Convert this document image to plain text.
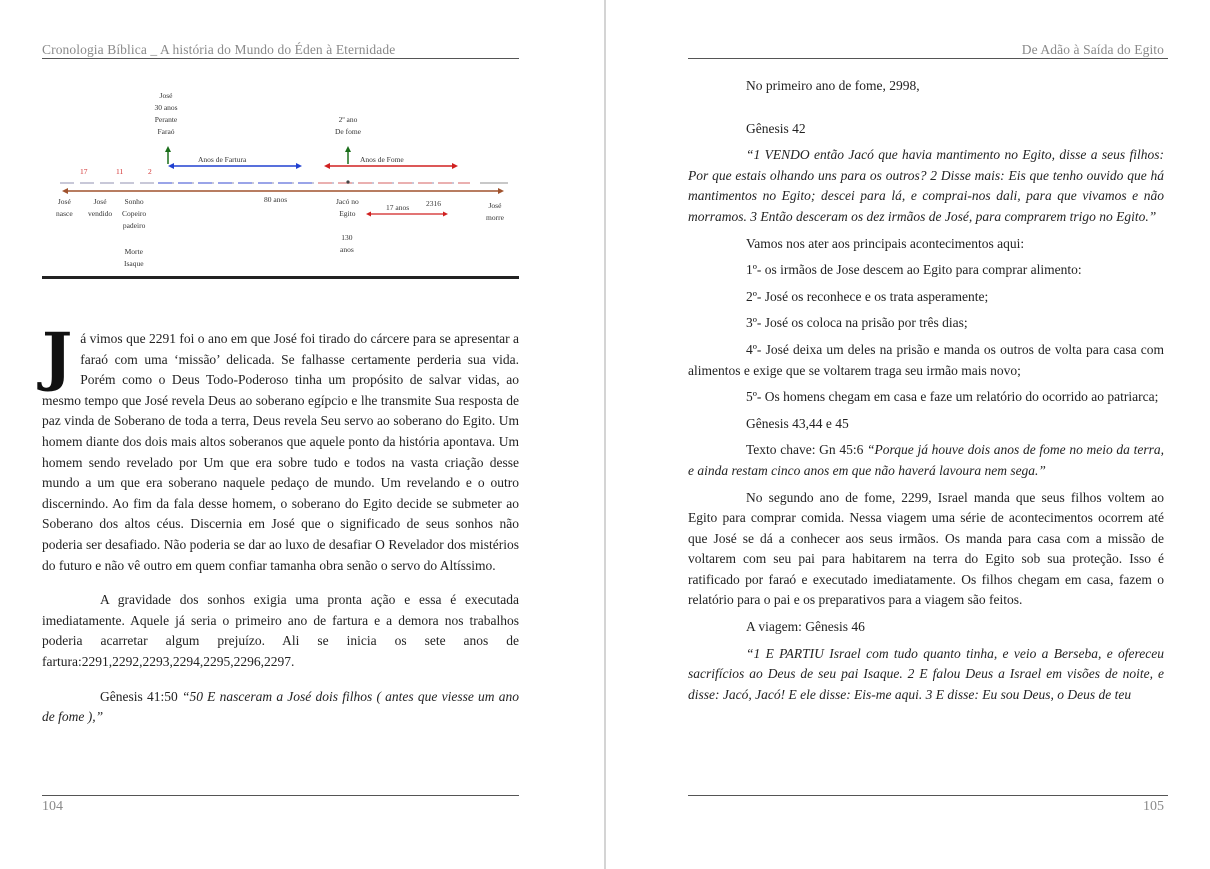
Cronologia Bíblica _ A história do Mundo do Éden à Eternidade
José
30 anos
Perante
Faraó
2º ano
De fome
Anos de Fartura	Anos de Fome
17	11	2
José
nasce
José
vendido
Sonho
Copeiro
padeiro
Morte
Isaque
80 anos	Jacó no
Egito
130
anos
17 anos 2316	José
morre

Já vimos que 2291 foi o ano em que José foi tirado do cárcere para se apresentar a faraó com uma ‘missão’ delicada. Se falhasse certamente perderia sua vida. Porém como o Deus Todo-Poderoso tinha um propósito de salvar vidas, ao mesmo tempo que José revela Deus ao soberano egípcio e lhe transmite Sua resposta de paz vinda de Soberano de toda a terra, Deus revela Seu servo ao soberano do Egito. Um homem diante dos dois mais altos soberanos que aquele ponto da história apontava. Um homem sendo revelado por Um que era sobre tudo e todos na vasta criação desse mundo a um que era soberano naquele pedaço de mundo. Um revelando e o outro discernindo. Ao fim da fala desse homem, o soberano do Egito decide se submeter ao Soberano dos altos céus. Discernia em José que o significado de seus sonhos não poderia ser desafiado. Não poderia se dar ao luxo de desafiar O Revelador dos mistérios do futuro e não vê outro em quem confiar tamanha obra senão o servo do Altíssimo.

A gravidade dos sonhos exigia uma pronta ação e essa é executada imediatamente. Aquele já seria o primeiro ano de fartura e a demora nos trabalhos poderia acarretar algum prejuízo. Ali se inicia os sete anos de fartura:2291,2292,2293,2294,2295,2296,2297.

Gênesis 41:50 “50 E nasceram a José dois filhos ( antes que viesse um ano de fome ),”

104
De Adão à Saída do Egito
105

No primeiro ano de fome, 2998,

Gênesis 42

“1 VENDO então Jacó que havia mantimento no Egito, disse a seus filhos: Por que estais olhando uns para os outros? 2 Disse mais: Eis que tenho ouvido que há mantimentos no Egito; descei para lá, e comprai-nos dali, para que vivamos e não morramos. 3 Então desceram os dez irmãos de José, para comprarem trigo no Egito.”

Vamos nos ater aos principais acontecimentos aqui:

1º- os irmãos de Jose descem ao Egito para comprar alimento:

2º- José os reconhece e os trata asperamente;

3º- José os coloca na prisão por três dias;

4º- José deixa um deles na prisão e manda os outros de volta para casa com alimentos e exige que se voltarem traga seu irmão mais novo;

5º- Os homens chegam em casa e faze um relatório do ocorrido ao patriarca;

Gênesis 43,44 e 45

Texto chave: Gn 45:6 “Porque já houve dois anos de fome no meio da terra, e ainda restam cinco anos em que não haverá lavoura nem sega.”

No segundo ano de fome, 2299, Israel manda que seus filhos voltem ao Egito para comprar comida. Nessa viagem uma série de acontecimentos ocorrem até que José se dá a conhecer aos seus irmãos. Os manda para casa com a missão de voltarem com seu pai para habitarem na terra do Egito sob sua proteção. Isso é ratificado por faraó e executado imediatamente. Os filhos chegam em casa, fazem o relatório para o pai e os preparativos para a viagem são feitos.

A viagem: Gênesis 46

“1 E PARTIU Israel com tudo quanto tinha, e veio a Berseba, e ofereceu sacrifícios ao Deus de seu pai Isaque. 2 E falou Deus a Israel em visões de noite, e disse: Jacó, Jacó! E ele disse: Eis-me aqui. 3 E disse: Eu sou Deus, o Deus de teu
